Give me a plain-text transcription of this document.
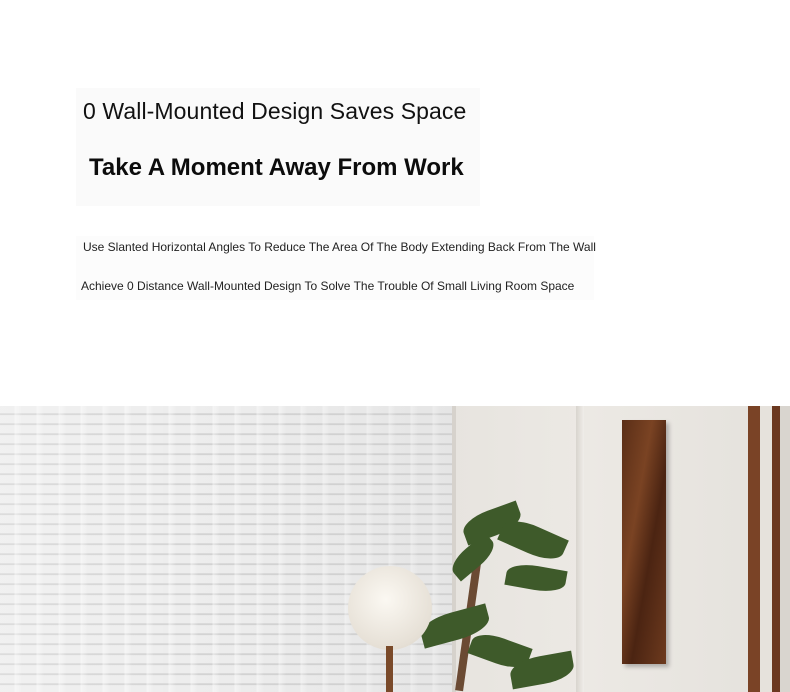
0 Wall-Mounted Design Saves Space
Take A Moment Away From Work
Use Slanted Horizontal Angles To Reduce The Area Of The Body Extending Back From The Wall
Achieve 0 Distance Wall-Mounted Design To Solve The Trouble Of Small Living Room Space
